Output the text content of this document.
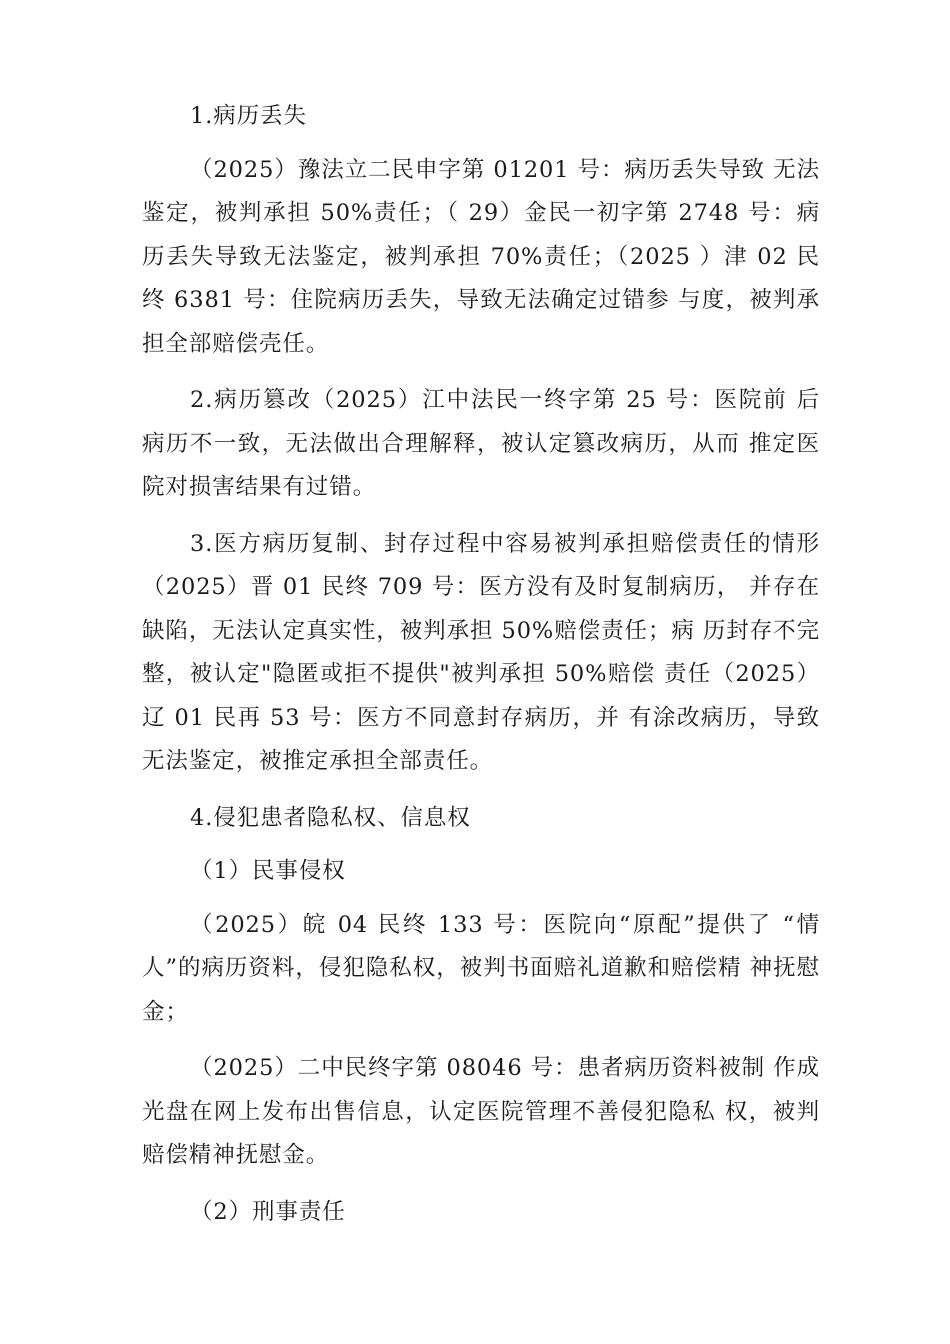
1.病历丢失

（2025）豫法立二民申字第 01201 号：病历丢失导致 无法鉴定，被判承担 50%责任；（ 29）金民一初字第 2748 号：病历丢失导致无法鉴定，被判承担 70%责任；（2025 ）津 02 民终 6381 号：住院病历丢失，导致无法确定过错参 与度，被判承担全部赔偿壳任。

2.病历篡改（2025）江中法民一终字第 25 号：医院前 后病历不一致，无法做出合理解释，被认定篡改病历，从而 推定医院对损害结果有过错。

3.医方病历复制、封存过程中容易被判承担赔偿责任的情形（2025）晋 01 民终 709 号：医方没有及时复制病历， 并存在缺陷，无法认定真实性，被判承担 50%赔偿责任；病 历封存不完整，被认定"隐匿或拒不提供"被判承担 50%赔偿 责任（2025）辽 01 民再 53 号：医方不同意封存病历，并 有涂改病历，导致无法鉴定，被推定承担全部责任。

4.侵犯患者隐私权、信息权

（1）民事侵权

（2025）皖 04 民终 133 号：医院向“原配”提供了 “情人”的病历资料，侵犯隐私权，被判书面赔礼道歉和赔偿精 神抚慰金；

（2025）二中民终字第 08046 号：患者病历资料被制 作成光盘在网上发布出售信息，认定医院管理不善侵犯隐私 权，被判赔偿精神抚慰金。

（2）刑事责任
